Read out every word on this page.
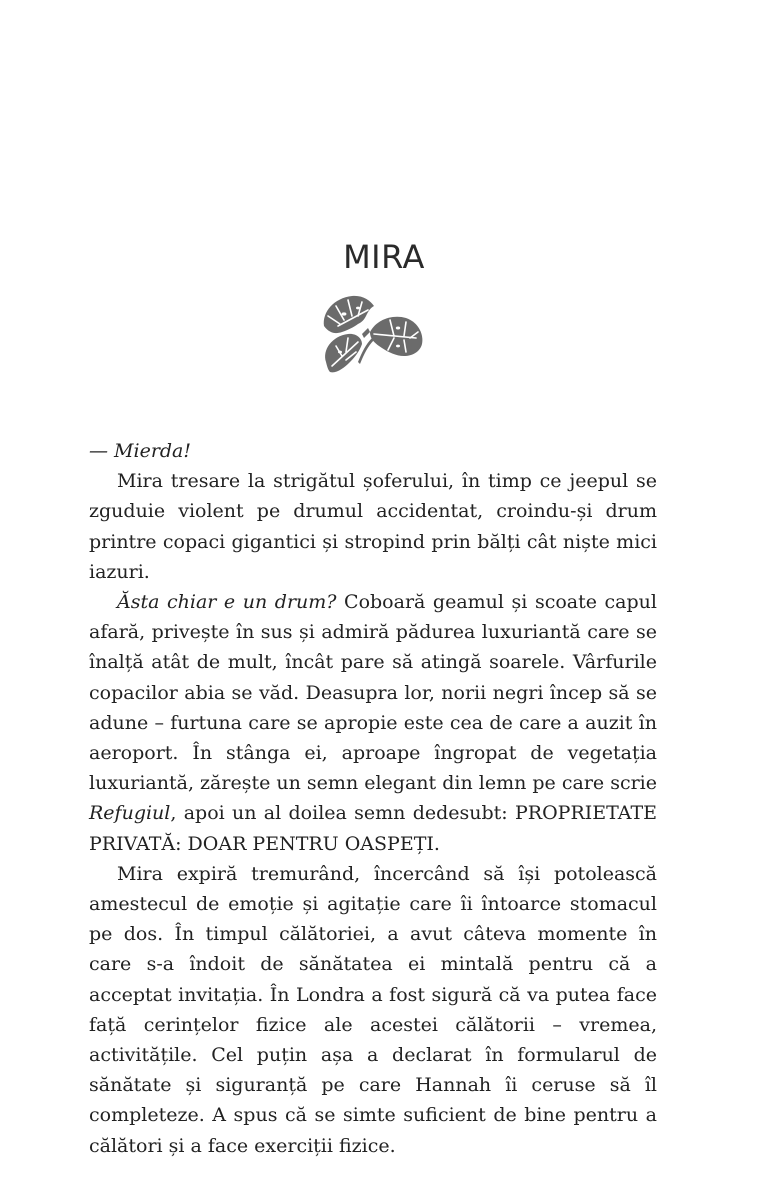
MIRA

— Mierda!

Mira tresare la strigătul șoferului, în timp ce jeepul se zguduie violent pe drumul accidentat, croindu-și drum printre copaci gigantici și stropind prin bălți cât niște mici iazuri.

Ăsta chiar e un drum? Coboară geamul și scoate capul afară, privește în sus și admiră pădurea luxuriantă care se înalță atât de mult, încât pare să atingă soarele. Vârfurile copacilor abia se văd. Deasupra lor, norii negri încep să se adune – furtuna care se apropie este cea de care a auzit în aeroport. În stânga ei, aproape îngropat de vegetația luxuriantă, zărește un semn elegant din lemn pe care scrie Refugiul, apoi un al doilea semn dedesubt: PROPRIETATE PRIVATĂ: DOAR PENTRU OASPEȚI.

Mira expiră tremurând, încercând să își potolească amestecul de emoție și agitație care îi întoarce stomacul pe dos. În timpul călătoriei, a avut câteva momente în care s-a îndoit de sănătatea ei mintală pentru că a acceptat invitația. În Londra a fost sigură că va putea face față cerințelor fizice ale acestei călătorii – vremea, activitățile. Cel puțin așa a declarat în formularul de sănătate și siguranță pe care Hannah îi ceruse să îl completeze. A spus că se simte suficient de bine pentru a călători și a face exerciții fizice.
